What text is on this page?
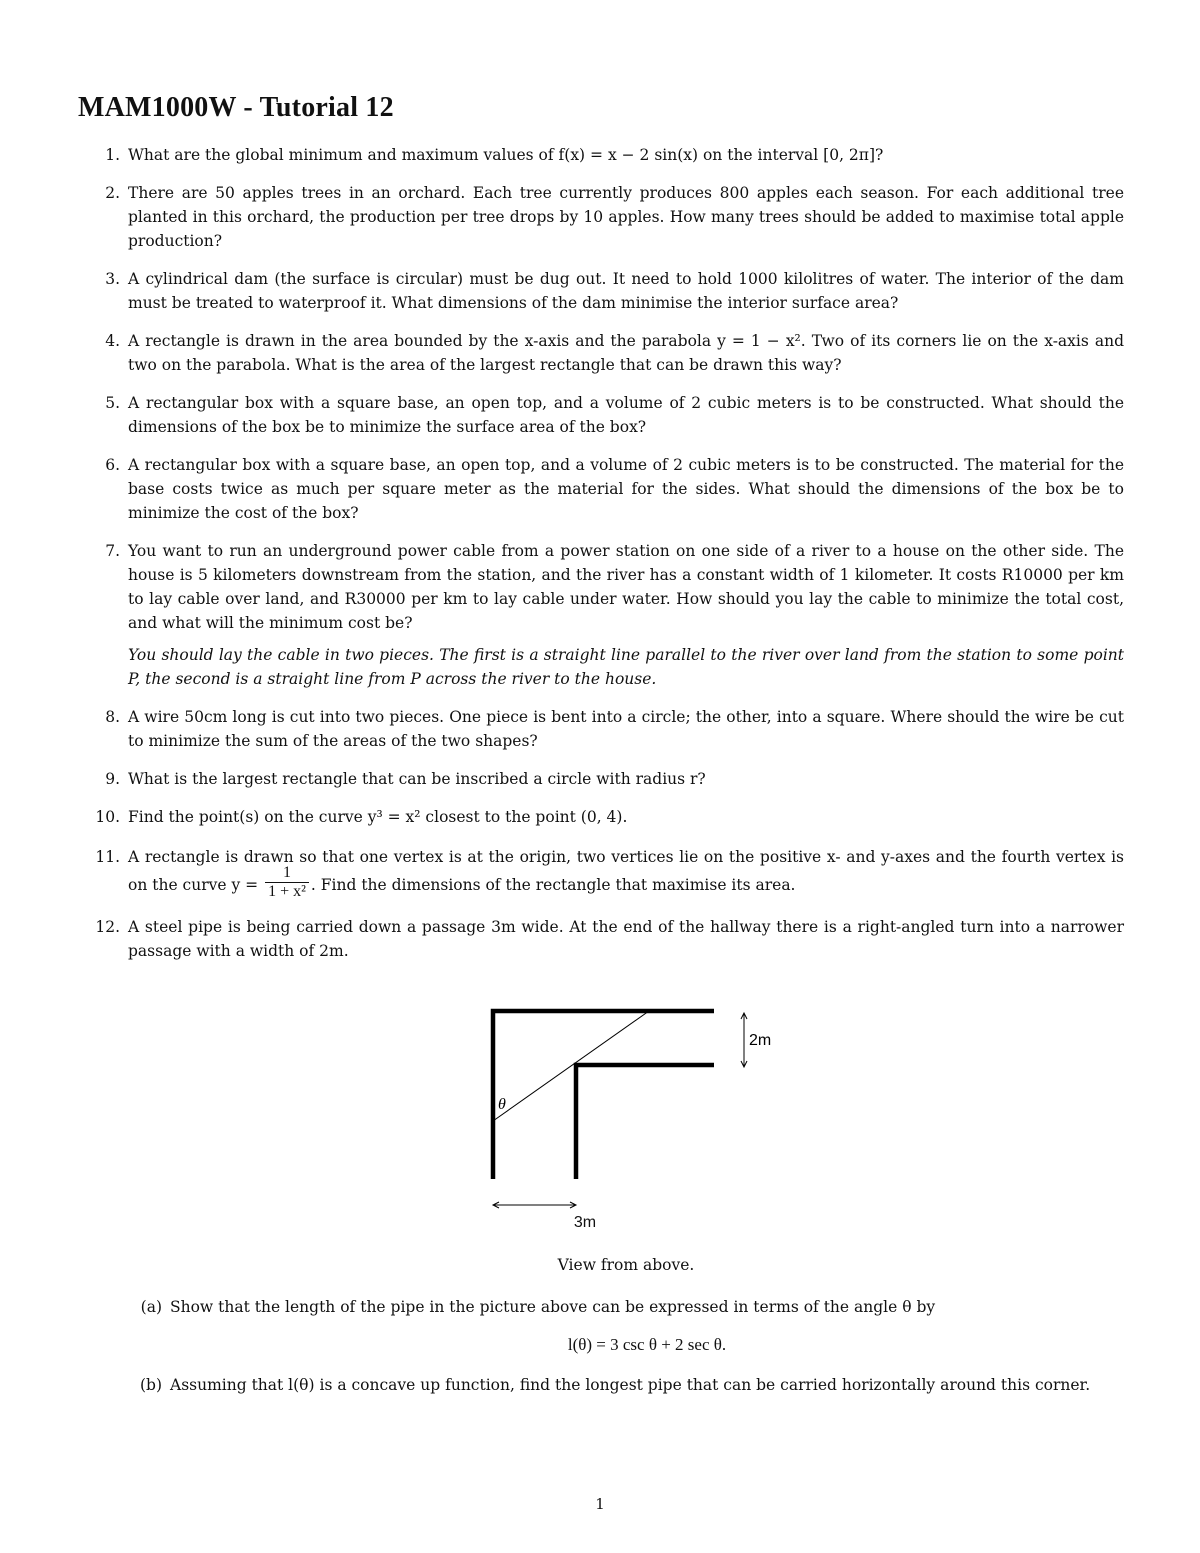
MAM1000W - Tutorial 12
1. What are the global minimum and maximum values of f(x) = x − 2 sin(x) on the interval [0, 2π]?
2. There are 50 apples trees in an orchard. Each tree currently produces 800 apples each season. For each additional tree planted in this orchard, the production per tree drops by 10 apples. How many trees should be added to maximise total apple production?
3. A cylindrical dam (the surface is circular) must be dug out. It need to hold 1000 kilolitres of water. The interior of the dam must be treated to waterproof it. What dimensions of the dam minimise the interior surface area?
4. A rectangle is drawn in the area bounded by the x-axis and the parabola y = 1 − x². Two of its corners lie on the x-axis and two on the parabola. What is the area of the largest rectangle that can be drawn this way?
5. A rectangular box with a square base, an open top, and a volume of 2 cubic meters is to be constructed. What should the dimensions of the box be to minimize the surface area of the box?
6. A rectangular box with a square base, an open top, and a volume of 2 cubic meters is to be constructed. The material for the base costs twice as much per square meter as the material for the sides. What should the dimensions of the box be to minimize the cost of the box?
7. You want to run an underground power cable from a power station on one side of a river to a house on the other side. The house is 5 kilometers downstream from the station, and the river has a constant width of 1 kilometer. It costs R10000 per km to lay cable over land, and R30000 per km to lay cable under water. How should you lay the cable to minimize the total cost, and what will the minimum cost be?
You should lay the cable in two pieces. The first is a straight line parallel to the river over land from the station to some point P, the second is a straight line from P across the river to the house.
8. A wire 50cm long is cut into two pieces. One piece is bent into a circle; the other, into a square. Where should the wire be cut to minimize the sum of the areas of the two shapes?
9. What is the largest rectangle that can be inscribed a circle with radius r?
10. Find the point(s) on the curve y³ = x² closest to the point (0, 4).
11. A rectangle is drawn so that one vertex is at the origin, two vertices lie on the positive x- and y-axes and the fourth vertex is on the curve $y = \frac{1}{\text{1 + x²}}$ . Find the dimensions of the rectangle that maximise its area.
12. A steel pipe is being carried down a passage 3m wide. At the end of the hallway there is a right-angled turn into a narrower passage with a width of 2m.
2m
θ
3m
View from above.
(a) Show that the length of the pipe in the picture above can be expressed in terms of the angle θ by
l(θ) = 3 csc θ + 2 sec θ.
(b) Assuming that l(θ) is a concave up function, find the longest pipe that can be carried horizontally around this corner.
1
